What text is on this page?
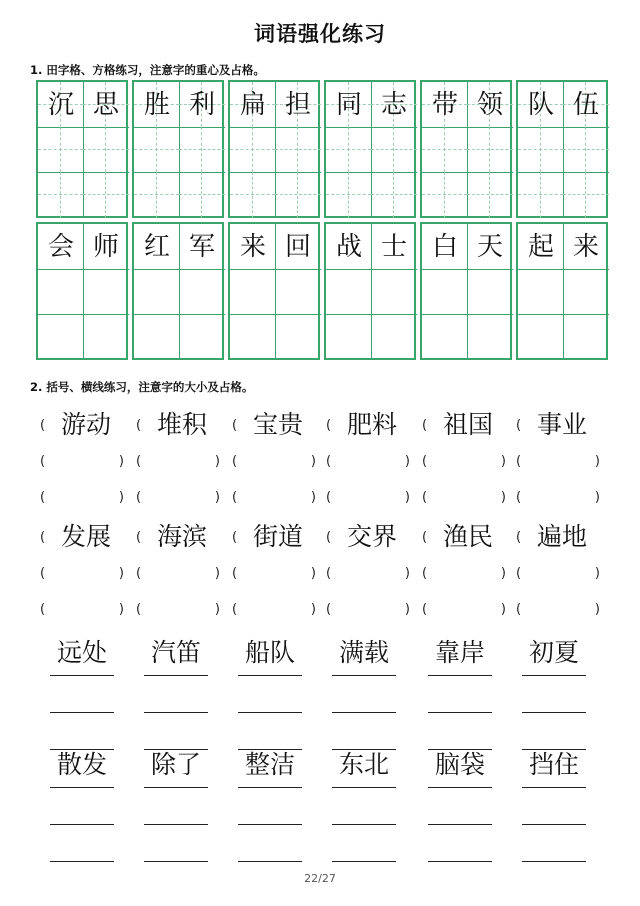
词语强化练习
1. 田字格、方格练习，注意字的重心及占格。
沉 思 胜 利 扁 担 同 志 带 领 队 伍
会 师 红 军 来 回 战 士 白 天 起 来
2. 括号、横线练习，注意字的大小及占格。
( 游动	( 堆积	( 宝贵	( 肥料	( 祖国	( 事业
(	) (	) (	) (	) (	) (	)
(	) (	) (	) (	) (	) (	)
( 发展	( 海滨	( 街道	( 交界	( 渔民	( 遍地
(	) (	) (	) (	) (	) (	)
(	) (	) (	) (	) (	) (	)
远处 汽笛 船队 满载 靠岸 初夏
散发 除了 整洁 东北 脑袋 挡住
22/27
